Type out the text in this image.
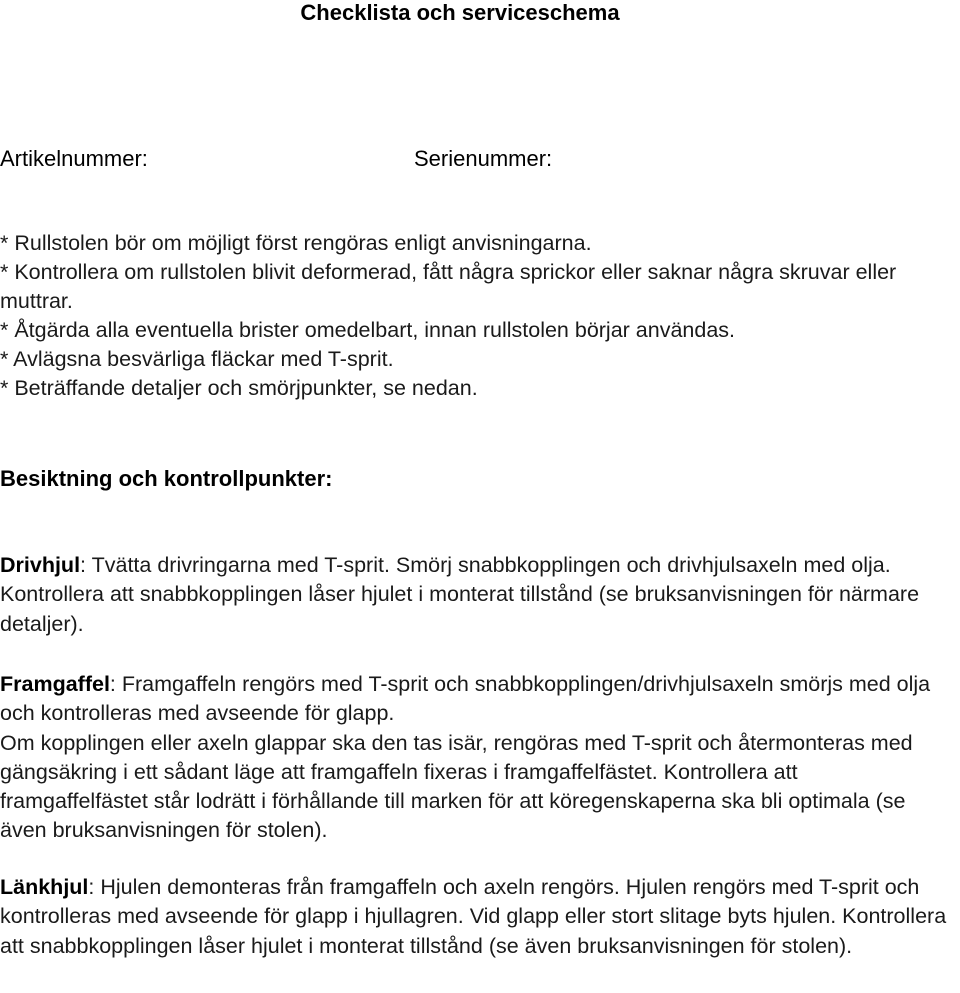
Checklista och serviceschema
Artikelnummer:	Serienummer:
* Rullstolen bör om möjligt först rengöras enligt anvisningarna.
* Kontrollera om rullstolen blivit deformerad, fått några sprickor eller saknar några skruvar eller muttrar.
* Åtgärda alla eventuella brister omedelbart, innan rullstolen börjar användas.
* Avlägsna besvärliga fläckar med T-sprit.
* Beträffande detaljer och smörjpunkter, se nedan.
Besiktning och kontrollpunkter:

Drivhjul: Tvätta drivringarna med T-sprit. Smörj snabbkopplingen och drivhjulsaxeln med olja. Kontrollera att snabbkopplingen låser hjulet i monterat tillstånd (se bruksanvisningen för närmare detaljer).

Framgaffel: Framgaffeln rengörs med T-sprit och snabbkopplingen/drivhjulsaxeln smörjs med olja och kontrolleras med avseende för glapp.
Om kopplingen eller axeln glappar ska den tas isär, rengöras med T-sprit och återmonteras med gängsäkring i ett sådant läge att framgaffeln fixeras i framgaffelfästet. Kontrollera att framgaffelfästet står lodrätt i förhållande till marken för att köregenskaperna ska bli optimala (se även bruksanvisningen för stolen).

Länkhjul: Hjulen demonteras från framgaffeln och axeln rengörs. Hjulen rengörs med T-sprit och kontrolleras med avseende för glapp i hjullagren. Vid glapp eller stort slitage byts hjulen. Kontrollera att snabbkopplingen låser hjulet i monterat tillstånd (se även bruksanvisningen för stolen).
